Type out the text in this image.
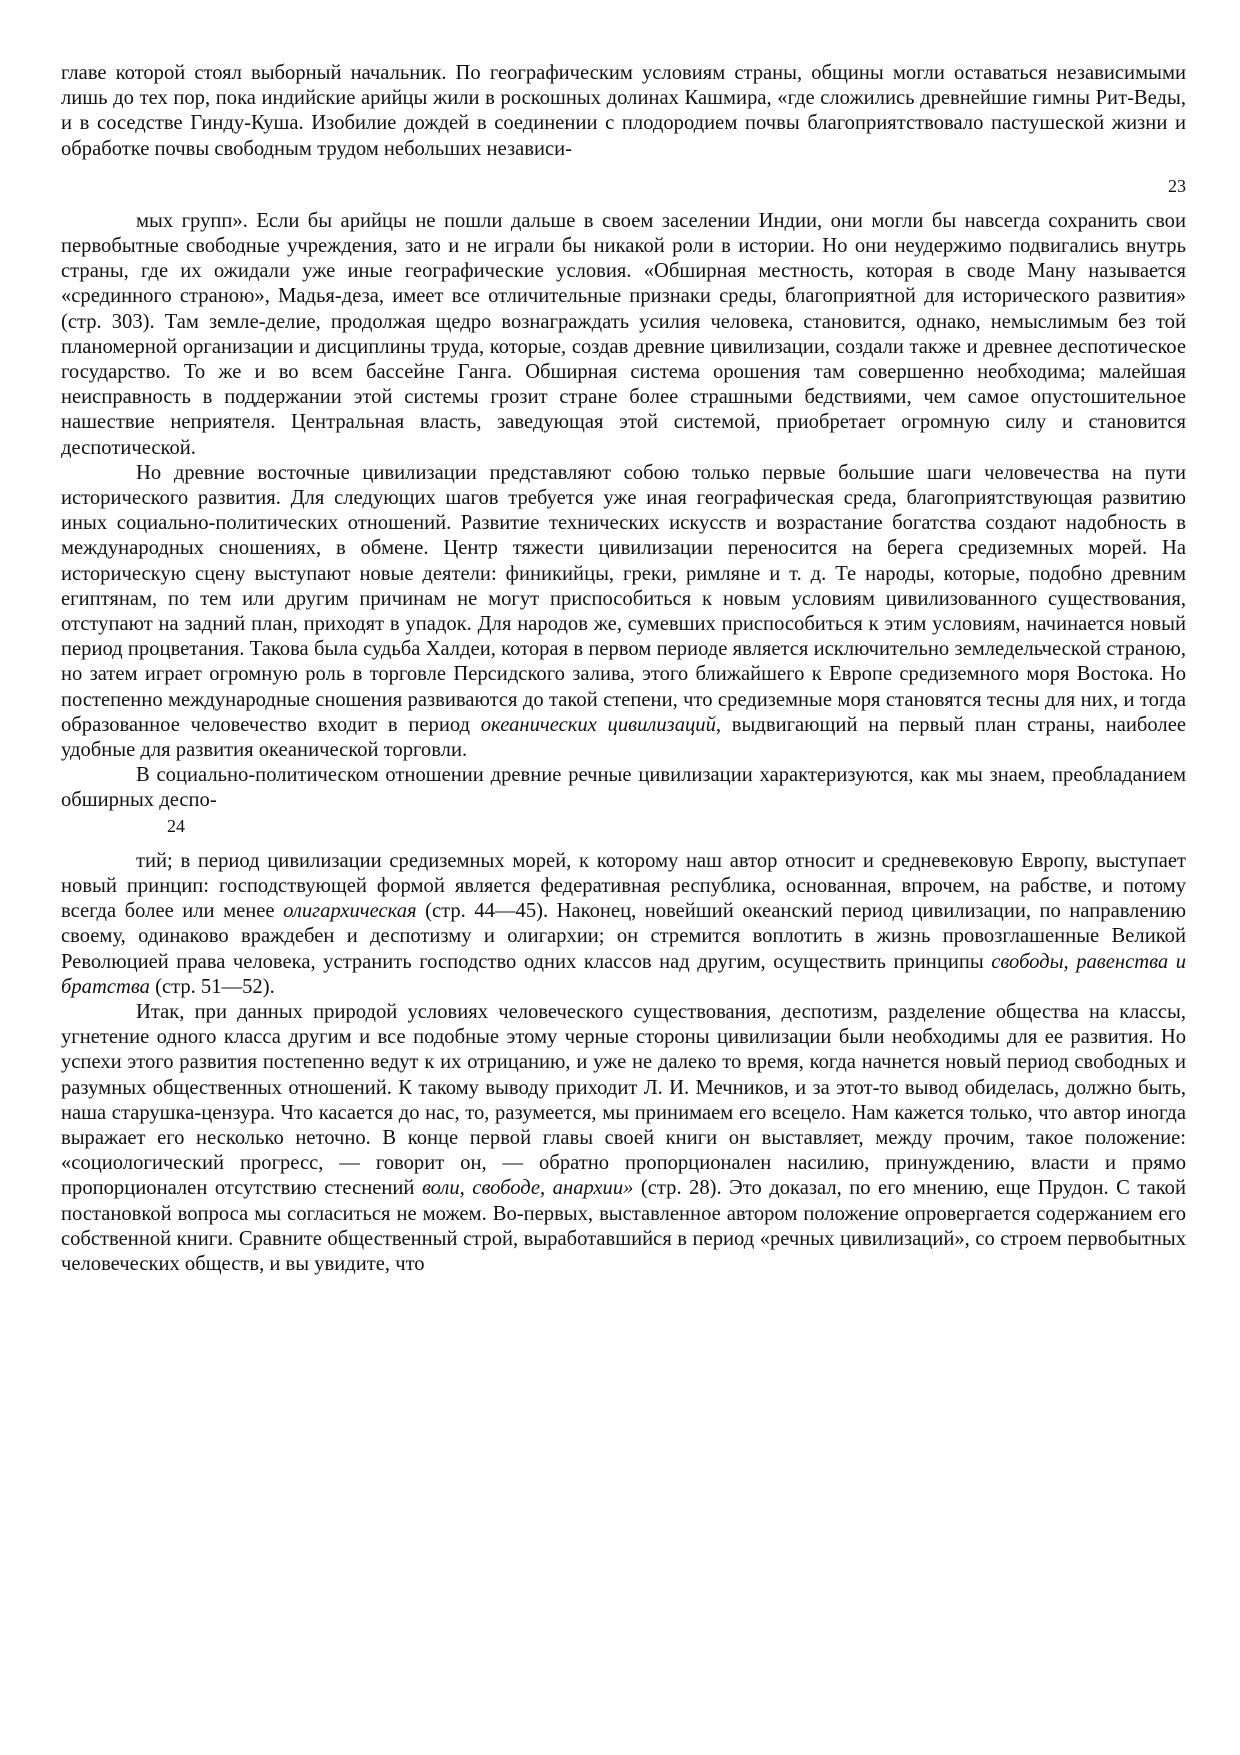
главе которой стоял выборный начальник. По географическим условиям страны, общины могли оставаться независимыми лишь до тех пор, пока индийские арийцы жили в роскошных долинах Кашмира, «где сложились древнейшие гимны Рит-Веды, и в соседстве Гинду-Куша. Изобилие дождей в соединении с плодородием почвы благоприятствовало пастушеской жизни и обработке почвы свободным трудом небольших независи-

23

мых групп». Если бы арийцы не пошли дальше в своем заселении Индии, они могли бы навсегда сохранить свои первобытные свободные учреждения, зато и не играли бы никакой роли в истории. Но они неудержимо подвигались внутрь страны, где их ожидали уже иные географические условия. «Обширная местность, которая в своде Ману называется «срединного страною», Мадья-деза, имеет все отличительные признаки среды, благоприятной для исторического развития» (стр. 303). Там земле-делие, продолжая щедро вознаграждать усилия человека, становится, однако, немыслимым без той планомерной организации и дисциплины труда, которые, создав древние цивилизации, создали также и древнее деспотическое государство. То же и во всем бассейне Ганга. Обширная система орошения там совершенно необходима; малейшая неисправность в поддержании этой системы грозит стране более страшными бедствиями, чем самое опустошительное нашествие неприятеля. Центральная власть, заведующая этой системой, приобретает огромную силу и становится деспотической.

Но древние восточные цивилизации представляют собою только первые большие шаги человечества на пути исторического развития. Для следующих шагов требуется уже иная географическая среда, благоприятствующая развитию иных социально-политических отношений. Развитие технических искусств и возрастание богатства создают надобность в международных сношениях, в обмене. Центр тяжести цивилизации переносится на берега средиземных морей. На историческую сцену выступают новые деятели: финикийцы, греки, римляне и т. д. Те народы, которые, подобно древним египтянам, по тем или другим причинам не могут приспособиться к новым условиям цивилизованного существования, отступают на задний план, приходят в упадок. Для народов же, сумевших приспособиться к этим условиям, начинается новый период процветания. Такова была судьба Халдеи, которая в первом периоде является исключительно земледельческой страною, но затем играет огромную роль в торговле Персидского залива, этого ближайшего к Европе средиземного моря Востока. Но постепенно международные сношения развиваются до такой степени, что средиземные моря становятся тесны для них, и тогда образованное человечество входит в период океанических цивилизаций, выдвигающий на первый план страны, наиболее удобные для развития океанической торговли.

В социально-политическом отношении древние речные цивилизации характеризуются, как мы знаем, преобладанием обширных деспо-

24

тий; в период цивилизации средиземных морей, к которому наш автор относит и средневековую Европу, выступает новый принцип: господствующей формой является федеративная республика, основанная, впрочем, на рабстве, и потому всегда более или менее олигархическая (стр. 44—45). Наконец, новейший океанский период цивилизации, по направлению своему, одинаково враждебен и деспотизму и олигархии; он стремится воплотить в жизнь провозглашенные Великой Революцией права человека, устранить господство одних классов над другим, осуществить принципы свободы, равенства и братства (стр. 51—52).

Итак, при данных природой условиях человеческого существования, деспотизм, разделение общества на классы, угнетение одного класса другим и все подобные этому черные стороны цивилизации были необходимы для ее развития. Но успехи этого развития постепенно ведут к их отрицанию, и уже не далеко то время, когда начнется новый период свободных и разумных общественных отношений. К такому выводу приходит Л. И. Мечников, и за этот-то вывод обиделась, должно быть, наша старушка-цензура. Что касается до нас, то, разумеется, мы принимаем его всецело. Нам кажется только, что автор иногда выражает его несколько неточно. В конце первой главы своей книги он выставляет, между прочим, такое положение: «социологический прогресс, — говорит он, — обратно пропорционален насилию, принуждению, власти и прямо пропорционален отсутствию стеснений воли, свободе, анархии» (стр. 28). Это доказал, по его мнению, еще Прудон. С такой постановкой вопроса мы согласиться не можем. Во-первых, выставленное автором положение опровергается содержанием его собственной книги. Сравните общественный строй, выработавшийся в период «речных цивилизаций», со строем первобытных человеческих обществ, и вы увидите, что
